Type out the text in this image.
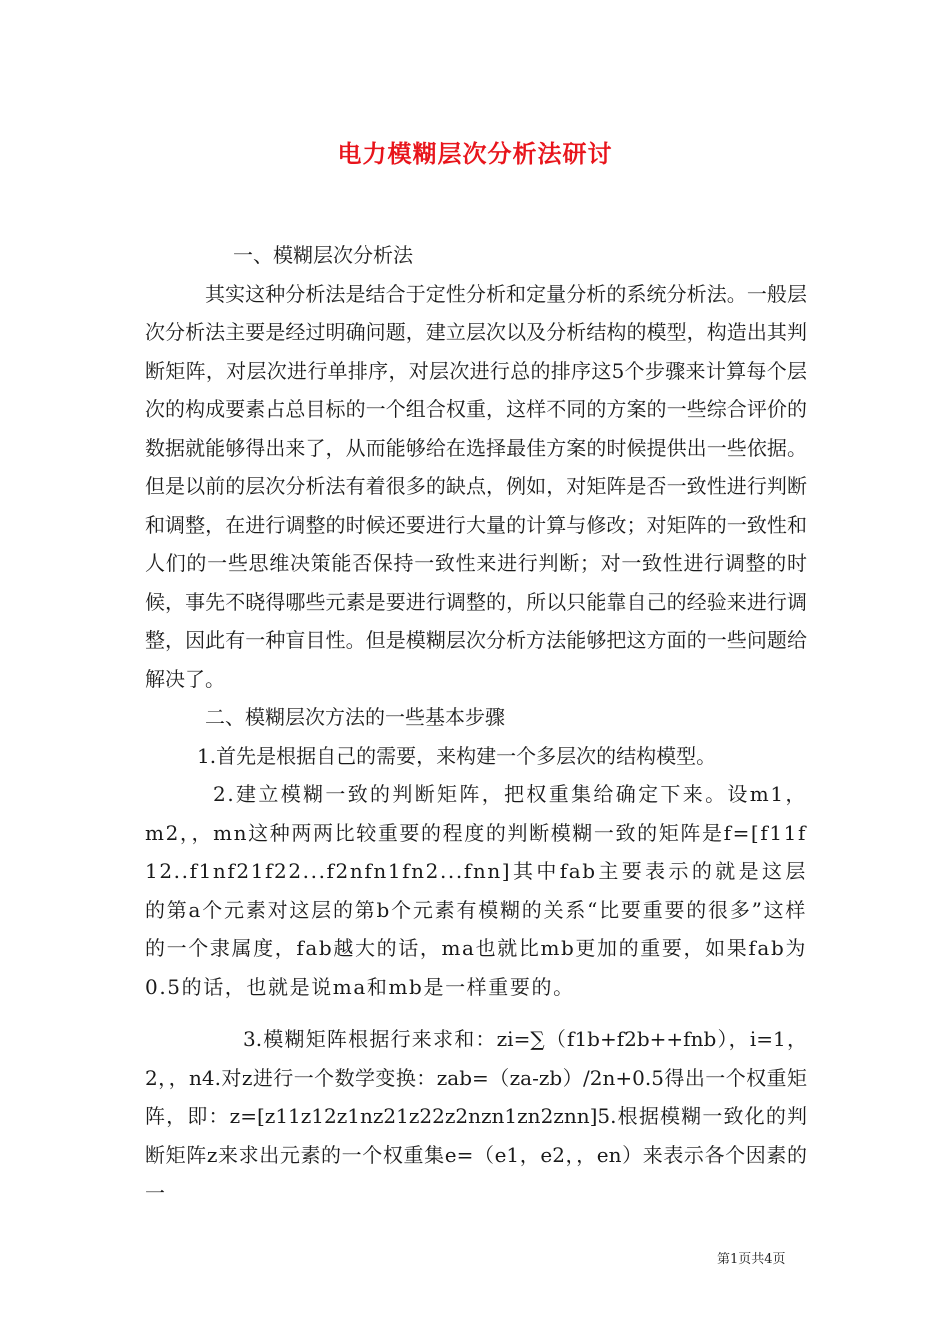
电力模糊层次分析法研讨

一、模糊层次分析法

其实这种分析法是结合于定性分析和定量分析的系统分析法。一般层次分析法主要是经过明确问题，建立层次以及分析结构的模型，构造出其判断矩阵，对层次进行单排序，对层次进行总的排序这5个步骤来计算每个层次的构成要素占总目标的一个组合权重，这样不同的方案的一些综合评价的数据就能够得出来了，从而能够给在选择最佳方案的时候提供出一些依据。但是以前的层次分析法有着很多的缺点，例如，对矩阵是否一致性进行判断和调整，在进行调整的时候还要进行大量的计算与修改；对矩阵的一致性和人们的一些思维决策能否保持一致性来进行判断；对一致性进行调整的时候，事先不晓得哪些元素是要进行调整的，所以只能靠自己的经验来进行调整，因此有一种盲目性。但是模糊层次分析方法能够把这方面的一些问题给解决了。

二、模糊层次方法的一些基本步骤

1.首先是根据自己的需要，来构建一个多层次的结构模型。

2.建立模糊一致的判断矩阵，把权重集给确定下来。设m1，m2，，mn这种两两比较重要的程度的判断模糊一致的矩阵是f=[f11f12..f1nf21f22...f2nfn1fn2...fnn]其中fab主要表示的就是这层的第a个元素对这层的第b个元素有模糊的关系“比要重要的很多”这样的一个隶属度，fab越大的话，ma也就比mb更加的重要，如果fab为0.5的话，也就是说ma和mb是一样重要的。

3.模糊矩阵根据行来求和：zi=∑（f1b+f2b++fnb），i=1，2，，n4.对z进行一个数学变换：zab=（za-zb）/2n+0.5得出一个权重矩阵，即：z=[z11z12z1nz21z22z2nzn1zn2znn]5.根据模糊一致化的判断矩阵z来求出元素的一个权重集e=（e1，e2，，en）来表示各个因素的一

第1页共4页
